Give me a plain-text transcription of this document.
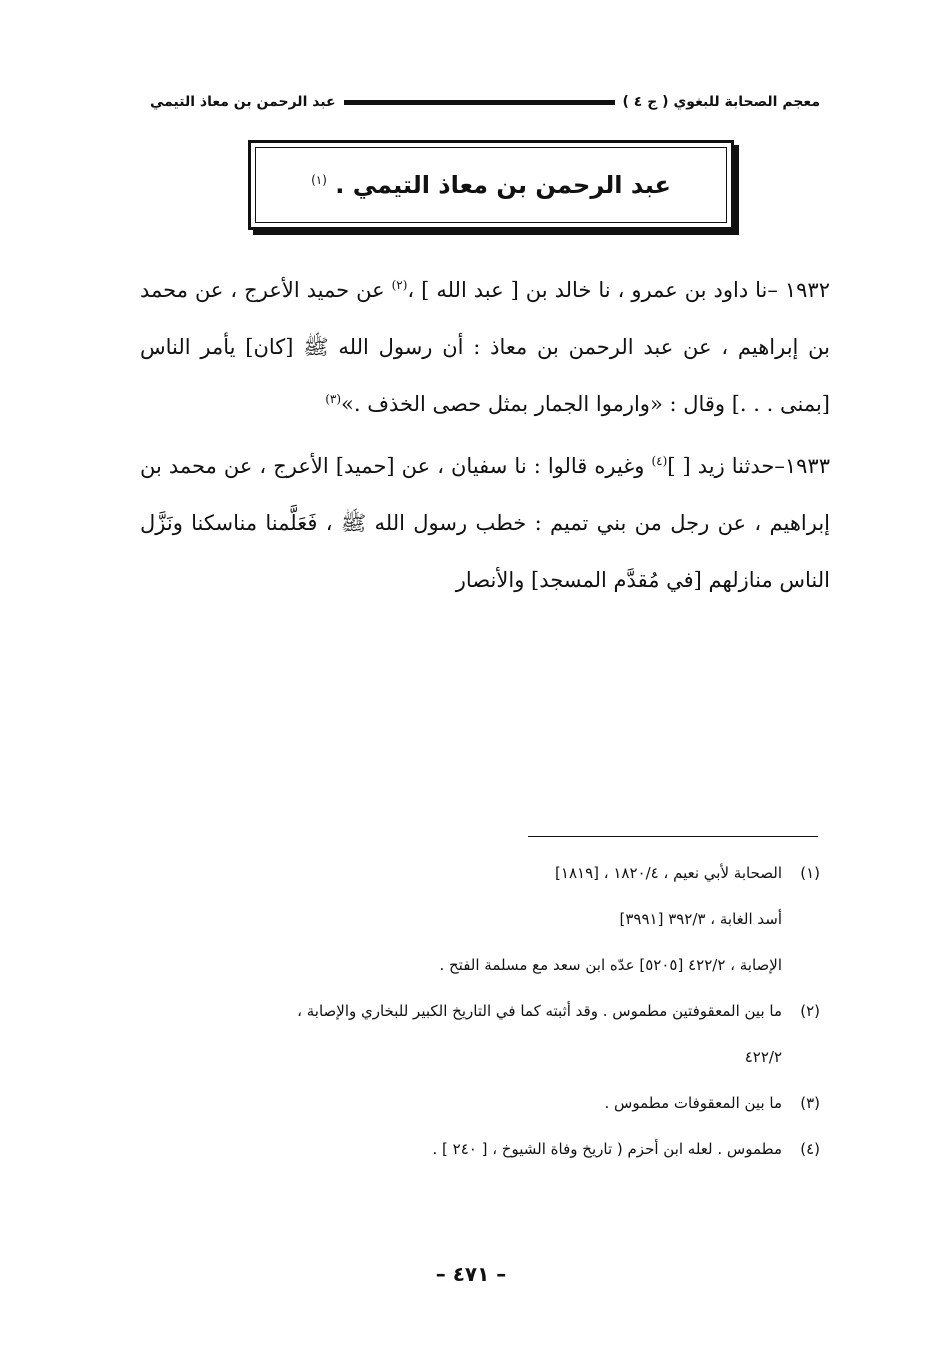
معجم الصحابة للبغوي ( ج ٤ )
عبد الرحمن بن معاذ التيمي
عبد الرحمن بن معاذ التيمي . $^{(١)}$

١٩٣٢ –نا داود بن عمرو ، نا خالد بن [ عبد الله ] ،$^{(٢)}$ عن حميد الأعرج ، عن محمد بن إبراهيم ، عن عبد الرحمن بن معاذ : أن رسول الله ﷺ [كان] يأمر الناس [بمنى . . .] وقال : «وارموا الجمار بمثل حصى الخذف .»$^{(٣)}$

١٩٣٣–حدثنا زيد [ ]$^{(٤)}$ وغيره قالوا : نا سفيان ، عن [حميد] الأعرج ، عن محمد بن إبراهيم ، عن رجل من بني تميم : خطب رسول الله ﷺ ، فَعَلَّمنا مناسكنا ونَزَّل الناس منازلهم [في مُقدَّم المسجد] والأنصار

(١)الصحابة لأبي نعيم ، ١٨٢٠/٤ ، [١٨١٩]
أسد الغابة ، ٣٩٢/٣ [٣٩٩١]
الإصابة ، ٤٢٢/٢ [٥٢٠٥] عدّه ابن سعد مع مسلمة الفتح .
(٢)ما بين المعقوفتين مطموس . وقد أثبته كما في التاريخ الكبير للبخاري والإصابة ،
٤٢٢/٢
(٣)ما بين المعقوفات مطموس .
(٤)مطموس . لعله ابن أحزم ( تاريخ وفاة الشيوخ ، [ ٢٤٠ ] .
– ٤٧١ –
